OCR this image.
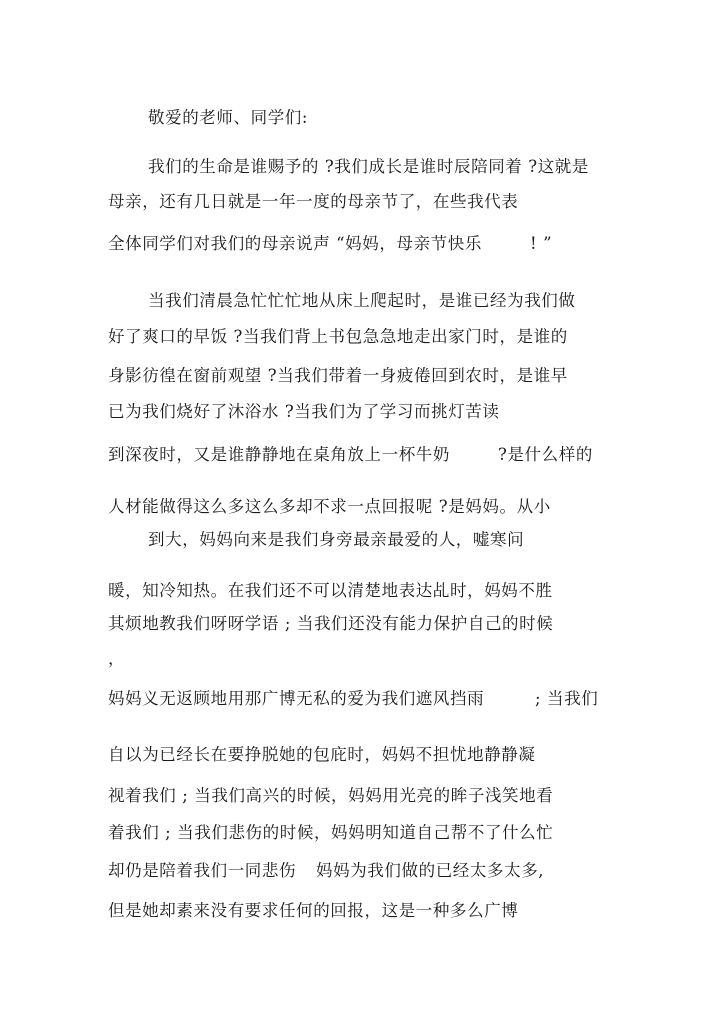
敬爱的老师、同学们:
我们的生命是谁赐予的 ?我们成长是谁时辰陪同着 ?这就是
母亲，还有几日就是一年一度的母亲节了，在些我代表
全体同学们对我们的母亲说声 “妈妈，母亲节快乐	! ”
当我们清晨急忙忙忙地从床上爬起时，是谁已经为我们做
好了爽口的早饭 ?当我们背上书包急急地走出家门时，是谁的
身影彷徨在窗前观望 ?当我们带着一身疲倦回到农时，是谁早
已为我们烧好了沐浴水 ?当我们为了学习而挑灯苦读
到深夜时，又是谁静静地在桌角放上一杯牛奶	?是什么样的
人材能做得这么多这么多却不求一点回报呢 ?是妈妈。从小
到大，妈妈向来是我们身旁最亲最爱的人，嘘寒问
暖，知冷知热。在我们还不可以清楚地表达乩时，妈妈不胜
其烦地教我们呀呀学语 ; 当我们还没有能力保护自己的时候
，
妈妈义无返顾地用那广博无私的爱为我们遮风挡雨	; 当我们
自以为已经长在要挣脱她的包庇时，妈妈不担忧地静静凝
视着我们 ; 当我们高兴的时候，妈妈用光亮的眸子浅笑地看
着我们 ; 当我们悲伤的时候，妈妈明知道自己帮不了什么忙
却仍是陪着我们一同悲伤 妈妈为我们做的已经太多太多,
但是她却素来没有要求任何的回报，这是一种多么广博
